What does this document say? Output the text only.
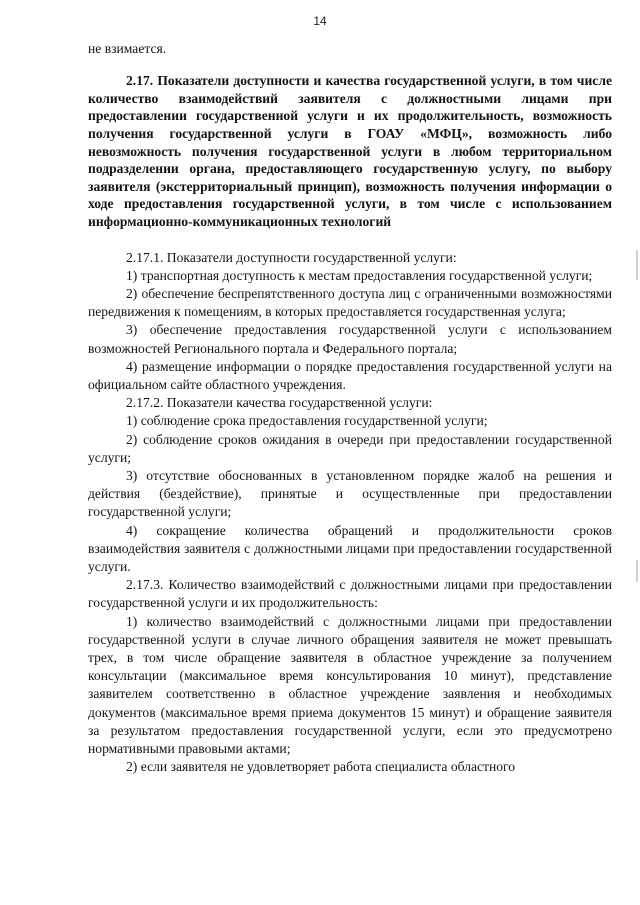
14

не взимается.

2.17. Показатели доступности и качества государственной услуги, в том числе количество взаимодействий заявителя с должностными лицами при предоставлении государственной услуги и их продолжительность, возможность получения государственной услуги в ГОАУ «МФЦ», возможность либо невозможность получения государственной услуги в любом территориальном подразделении органа, предоставляющего государственную услугу, по выбору заявителя (экстерриториальный принцип), возможность получения информации о ходе предоставления государственной услуги, в том числе с использованием информационно-коммуникационных технологий

2.17.1. Показатели доступности государственной услуги:

1) транспортная доступность к местам предоставления государственной услуги;

2) обеспечение беспрепятственного доступа лиц с ограниченными возможностями передвижения к помещениям, в которых предоставляется государственная услуга;

3) обеспечение предоставления государственной услуги с использованием возможностей Регионального портала и Федерального портала;

4) размещение информации о порядке предоставления государственной услуги на официальном сайте областного учреждения.

2.17.2. Показатели качества государственной услуги:

1) соблюдение срока предоставления государственной услуги;

2) соблюдение сроков ожидания в очереди при предоставлении государственной услуги;

3) отсутствие обоснованных в установленном порядке жалоб на решения и действия (бездействие), принятые и осуществленные при предоставлении государственной услуги;

4) сокращение количества обращений и продолжительности сроков взаимодействия заявителя с должностными лицами при предоставлении государственной услуги.

2.17.3. Количество взаимодействий с должностными лицами при предоставлении государственной услуги и их продолжительность:

1) количество взаимодействий с должностными лицами при предоставлении государственной услуги в случае личного обращения заявителя не может превышать трех, в том числе обращение заявителя в областное учреждение за получением консультации (максимальное время консультирования 10 минут), представление заявителем соответственно в областное учреждение заявления и необходимых документов (максимальное время приема документов 15 минут) и обращение заявителя за результатом предоставления государственной услуги, если это предусмотрено нормативными правовыми актами;

2) если заявителя не удовлетворяет работа специалиста областного
